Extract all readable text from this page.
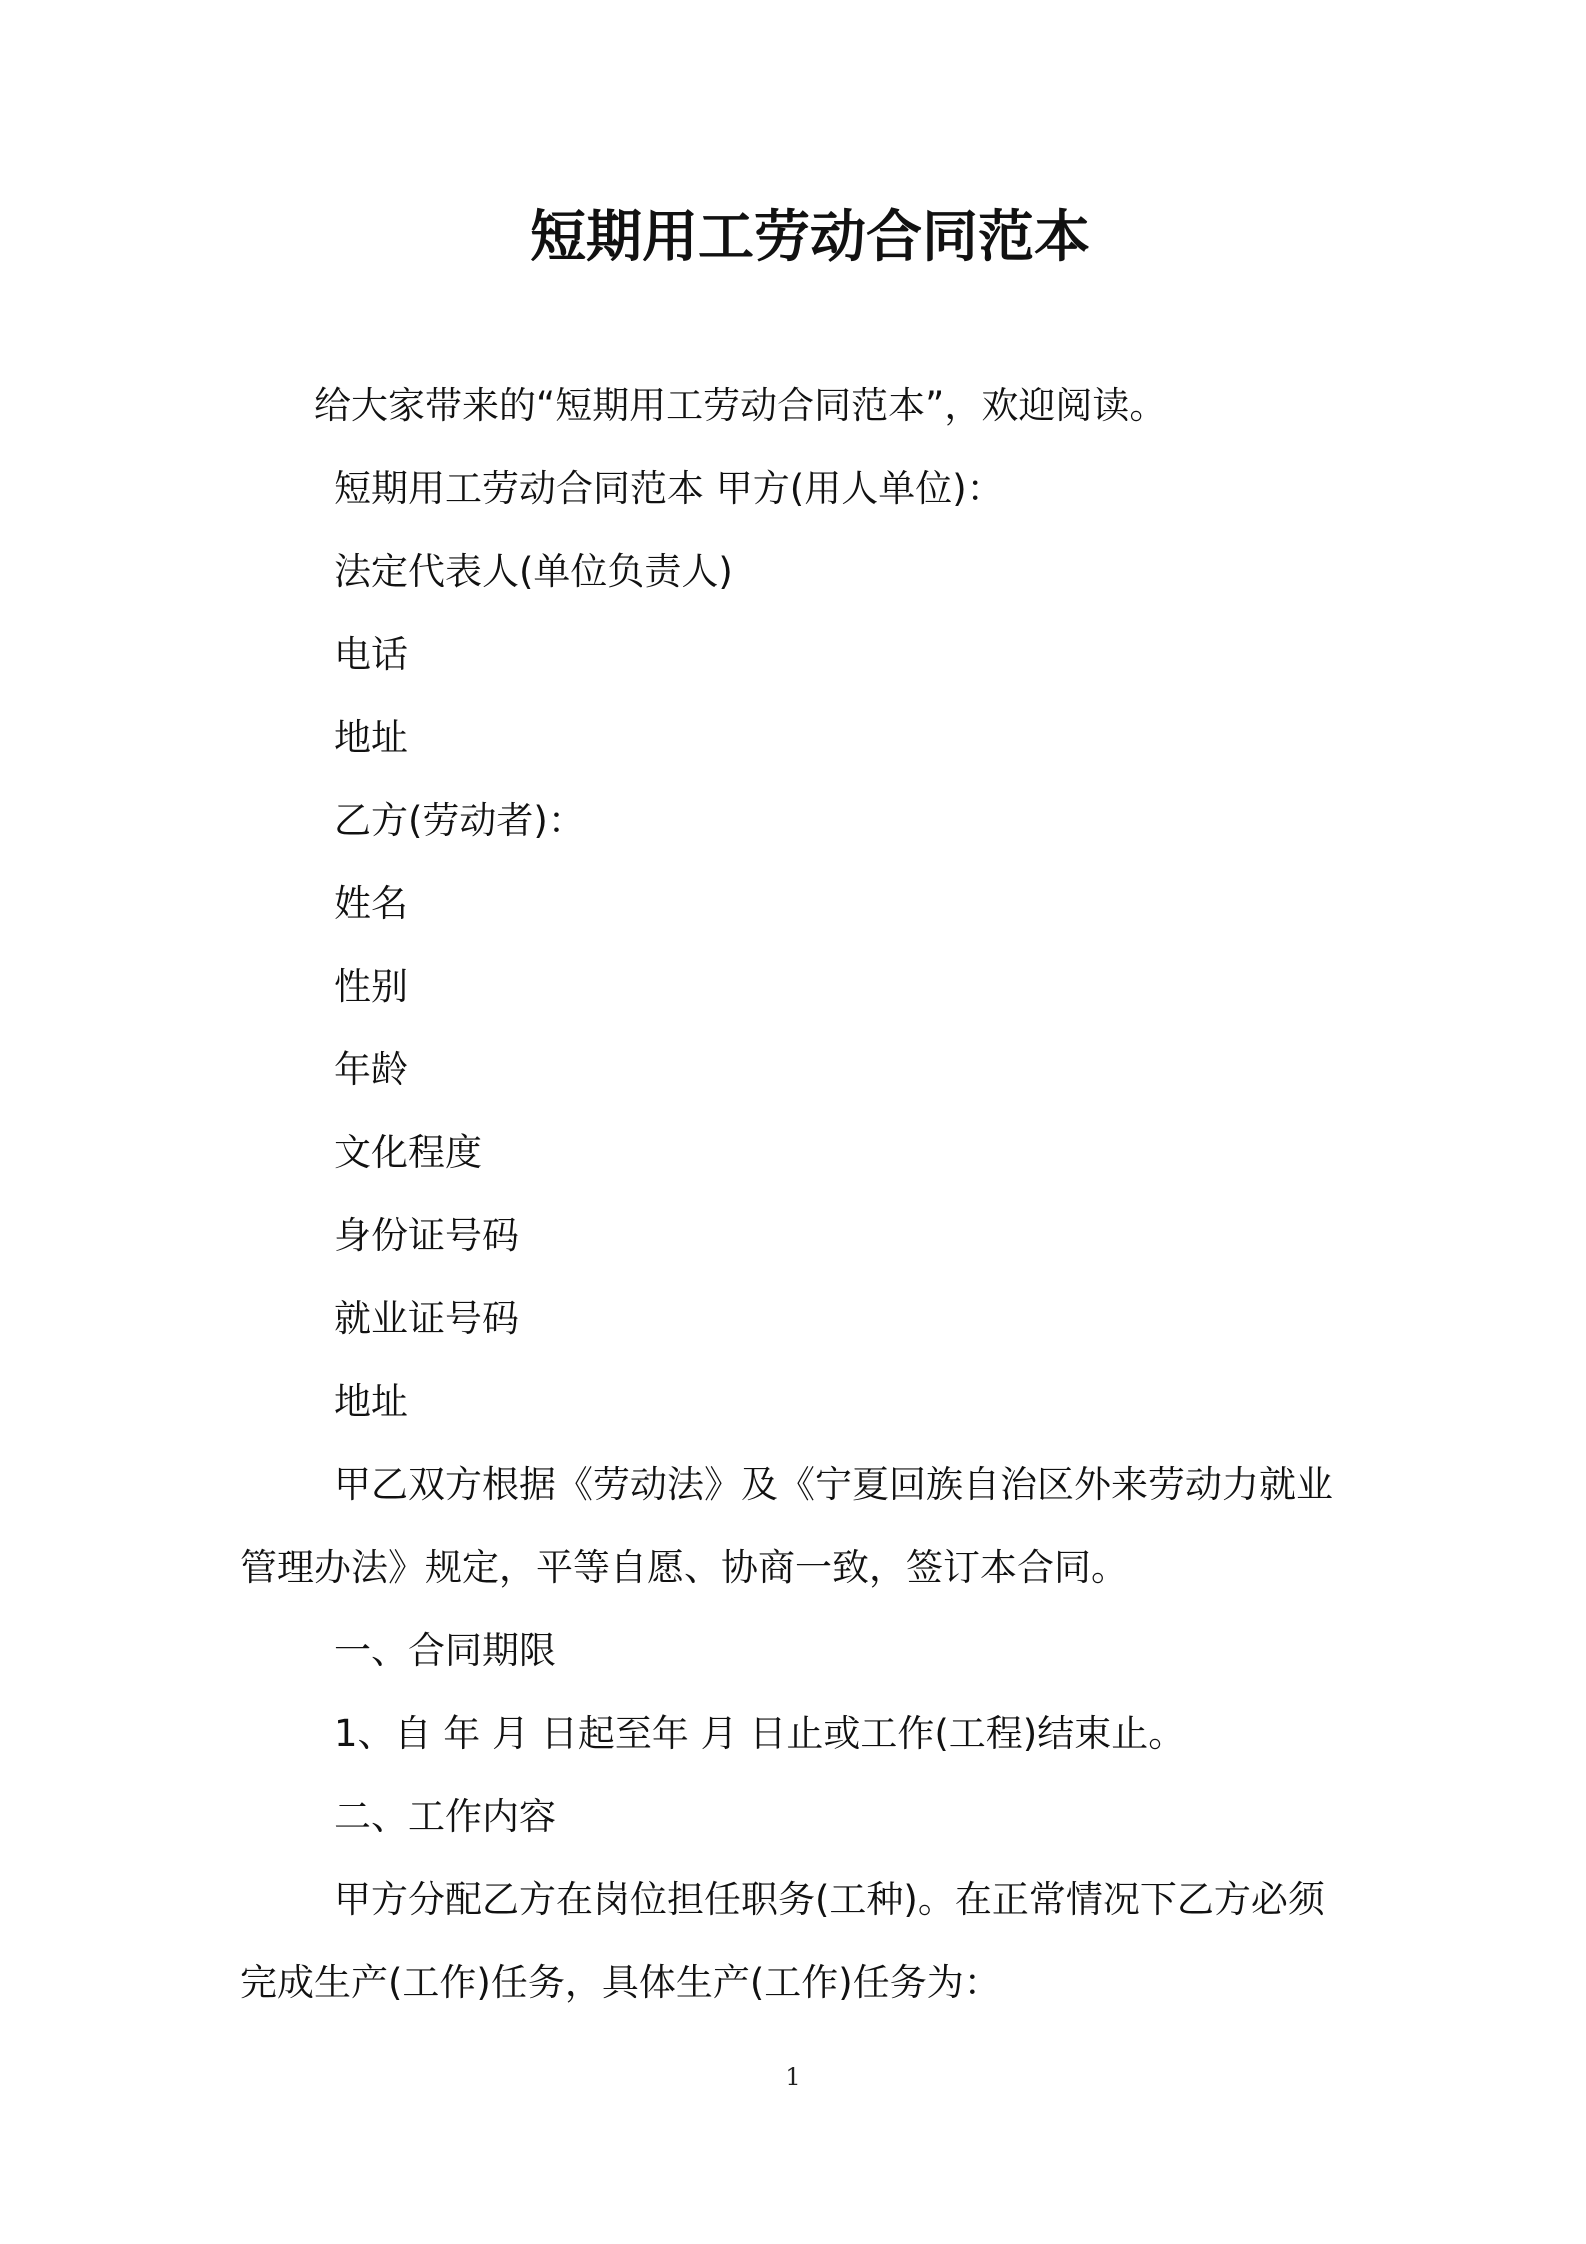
短期用工劳动合同范本

给大家带来的“短期用工劳动合同范本”，欢迎阅读。

短期用工劳动合同范本 甲方(用人单位)：

法定代表人(单位负责人)

电话

地址

乙方(劳动者)：

姓名

性别

年龄

文化程度

身份证号码

就业证号码

地址

甲乙双方根据《劳动法》及《宁夏回族自治区外来劳动力就业

管理办法》规定，平等自愿、协商一致，签订本合同。

一、合同期限

1、自 年 月 日起至年 月 日止或工作(工程)结束止。

二、工作内容

甲方分配乙方在岗位担任职务(工种)。在正常情况下乙方必须

完成生产(工作)任务，具体生产(工作)任务为：

1
